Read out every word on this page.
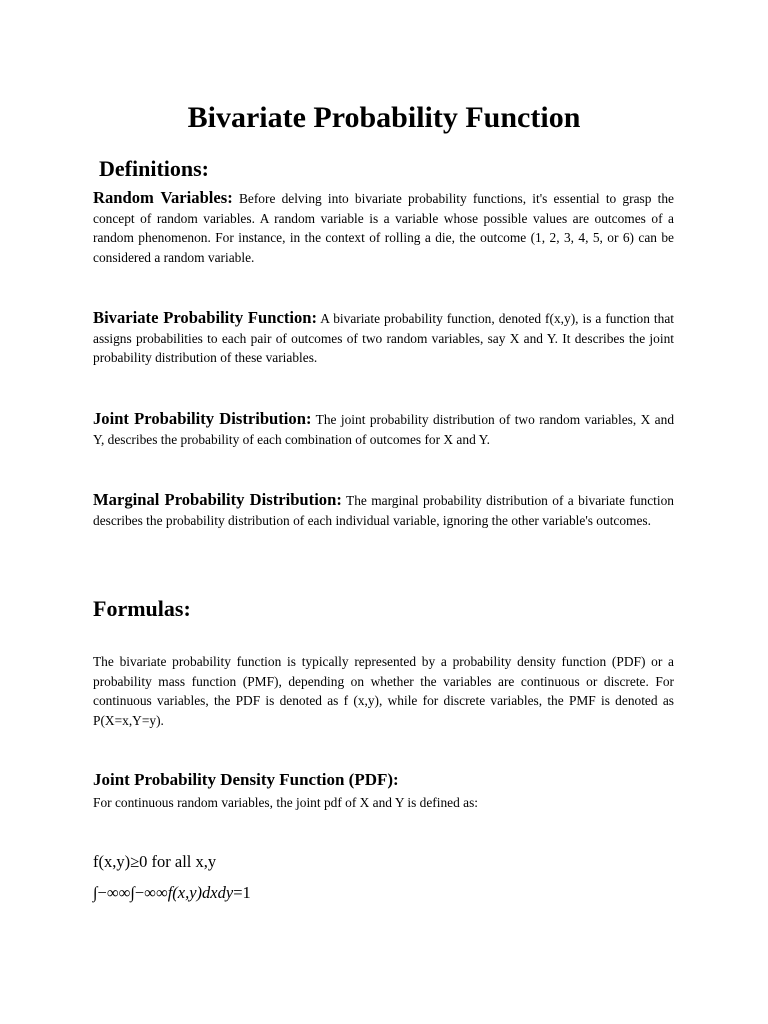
Bivariate Probability Function
Definitions:
Random Variables: Before delving into bivariate probability functions, it's essential to grasp the concept of random variables. A random variable is a variable whose possible values are outcomes of a random phenomenon. For instance, in the context of rolling a die, the outcome (1, 2, 3, 4, 5, or 6) can be considered a random variable.
Bivariate Probability Function: A bivariate probability function, denoted f(x,y), is a function that assigns probabilities to each pair of outcomes of two random variables, say X and Y. It describes the joint probability distribution of these variables.
Joint Probability Distribution: The joint probability distribution of two random variables, X and Y, describes the probability of each combination of outcomes for X and Y.
Marginal Probability Distribution: The marginal probability distribution of a bivariate function describes the probability distribution of each individual variable, ignoring the other variable's outcomes.
Formulas:
The bivariate probability function is typically represented by a probability density function (PDF) or a probability mass function (PMF), depending on whether the variables are continuous or discrete. For continuous variables, the PDF is denoted as f (x,y), while for discrete variables, the PMF is denoted as P(X=x,Y=y).
Joint Probability Density Function (PDF):
For continuous random variables, the joint pdf of X and Y is defined as:
f(x,y)≥0 for all x,y
∫−∞∞∫−∞∞f(x,y)dxdy=1
